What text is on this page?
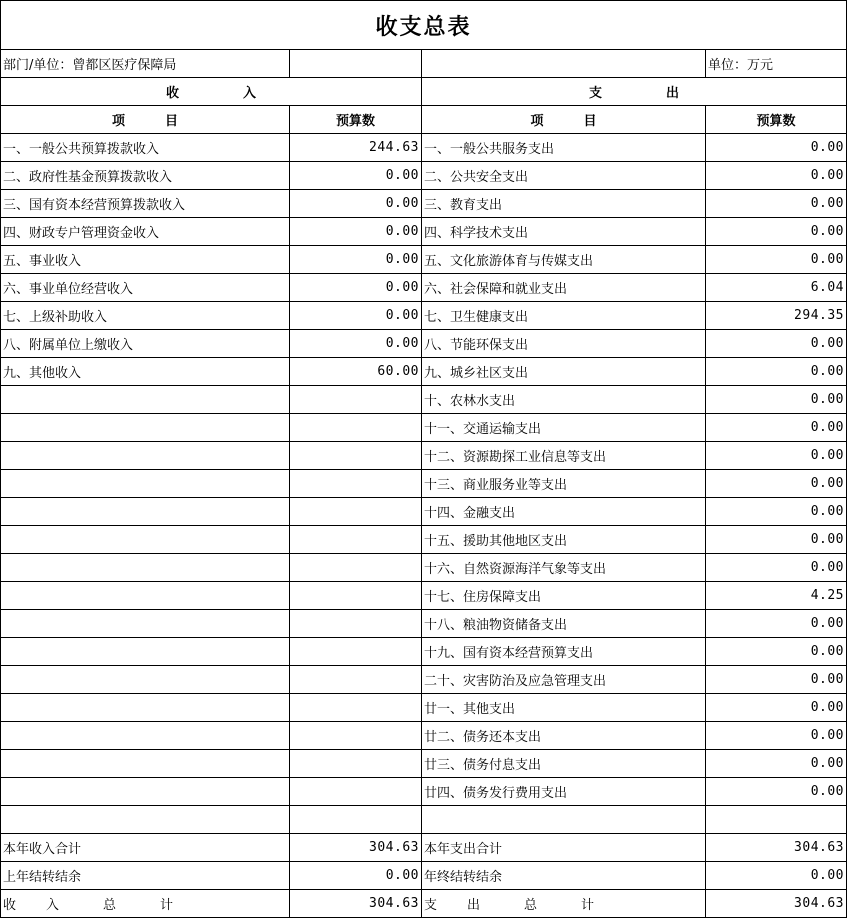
收支总表			
部门/单位：曾都区医疗保障局			单位：万元
收 入		支 出	
项 目	预算数	项 目	预算数
一、一般公共预算拨款收入	244.63	一、一般公共服务支出	0.00
二、政府性基金预算拨款收入	0.00	二、公共安全支出	0.00
三、国有资本经营预算拨款收入	0.00	三、教育支出	0.00
四、财政专户管理资金收入	0.00	四、科学技术支出	0.00
五、事业收入	0.00	五、文化旅游体育与传媒支出	0.00
六、事业单位经营收入	0.00	六、社会保障和就业支出	6.04
七、上级补助收入	0.00	七、卫生健康支出	294.35
八、附属单位上缴收入	0.00	八、节能环保支出	0.00
九、其他收入	60.00	九、城乡社区支出	0.00
		十、农林水支出	0.00
		十一、交通运输支出	0.00
		十二、资源勘探工业信息等支出	0.00
		十三、商业服务业等支出	0.00
		十四、金融支出	0.00
		十五、援助其他地区支出	0.00
		十六、自然资源海洋气象等支出	0.00
		十七、住房保障支出	4.25
		十八、粮油物资储备支出	0.00
		十九、国有资本经营预算支出	0.00
		二十、灾害防治及应急管理支出	0.00
		廿一、其他支出	0.00
		廿二、债务还本支出	0.00
		廿三、债务付息支出	0.00
		廿四、债务发行费用支出	0.00

本年收入合计	304.63	本年支出合计	304.63
上年结转结余	0.00	年终结转结余	0.00
收 入 总 计	304.63	支 出 总 计	304.63
